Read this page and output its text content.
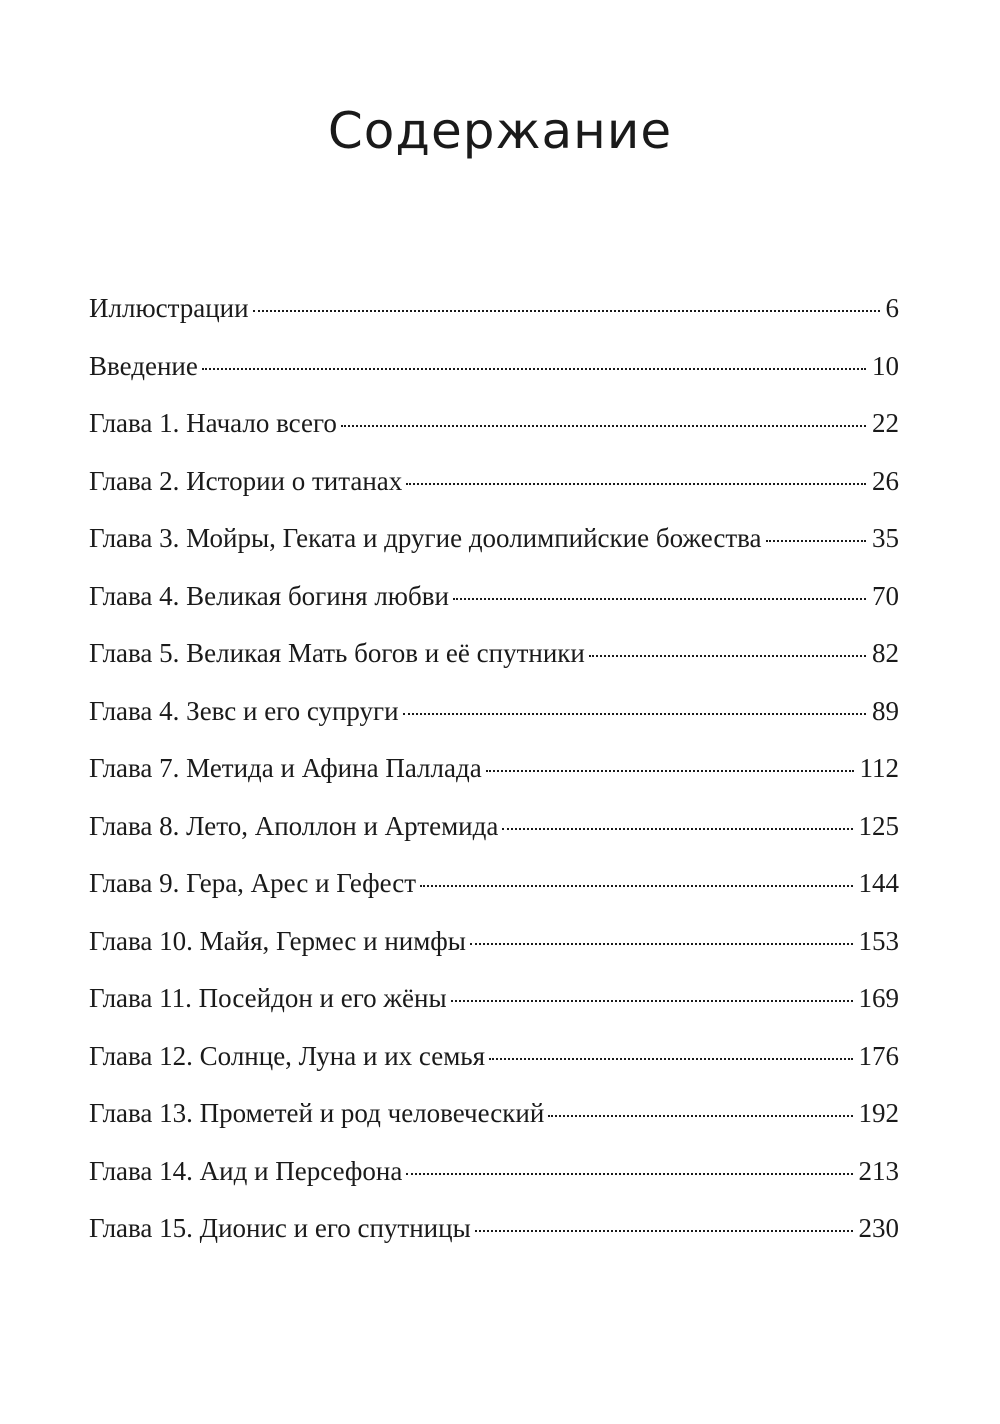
Содержание
Иллюстрации	6
Введение	10
Глава 1. Начало всего	22
Глава 2. Истории о титанах	26
Глава 3. Мойры, Геката и другие доолимпийские божества	35
Глава 4. Великая богиня любви	70
Глава 5. Великая Мать богов и её спутники	82
Глава 4. Зевс и его супруги	89
Глава 7. Метида и Афина Паллада	112
Глава 8. Лето, Аполлон и Артемида	125
Глава 9. Гера, Арес и Гефест	144
Глава 10. Майя, Гермес и нимфы	153
Глава 11. Посейдон и его жёны	169
Глава 12. Солнце, Луна и их семья	176
Глава 13. Прометей и род человеческий	192
Глава 14. Аид и Персефона	213
Глава 15. Дионис и его спутницы	230
